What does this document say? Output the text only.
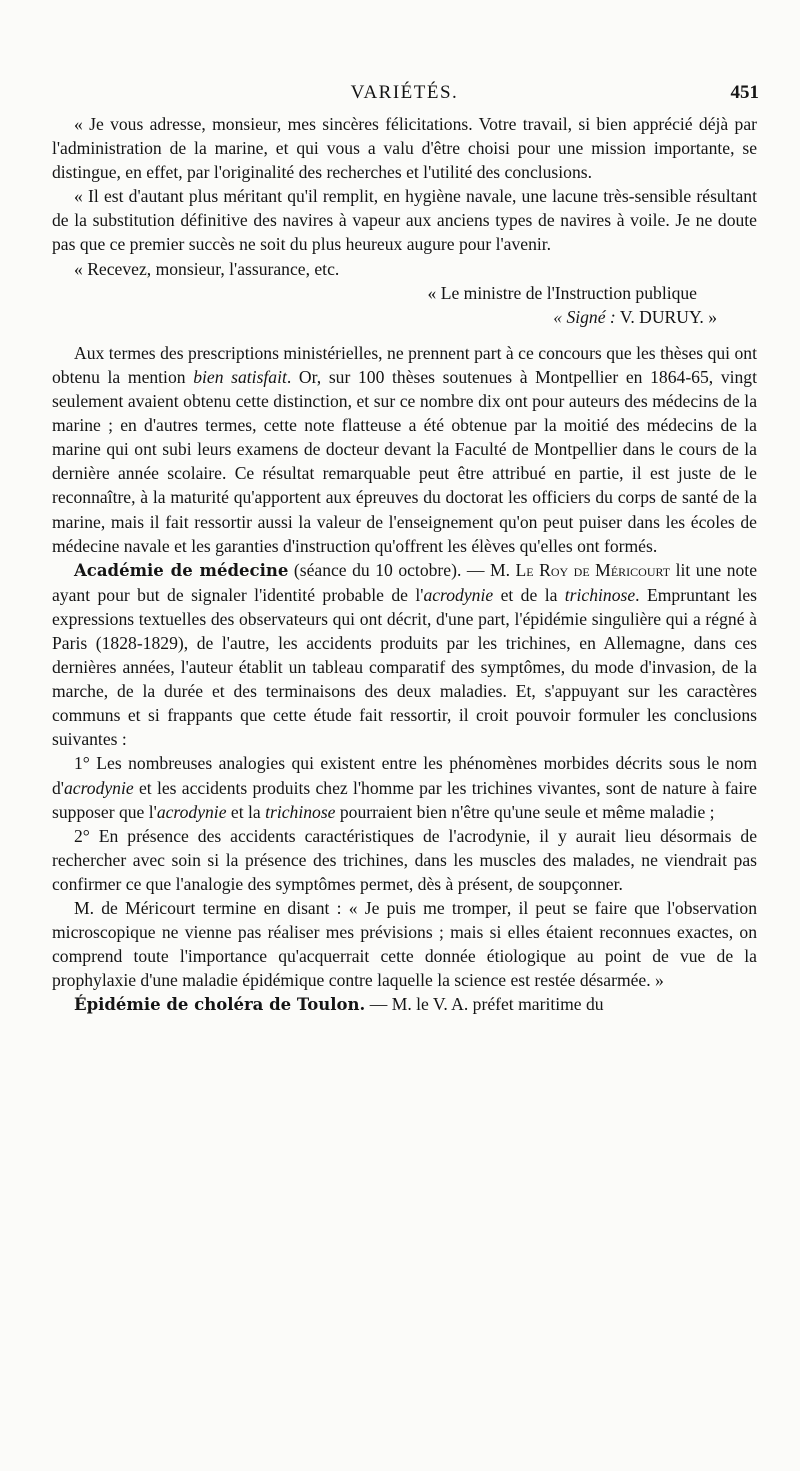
VARIÉTÉS.	451

« Je vous adresse, monsieur, mes sincères félicitations. Votre travail, si bien apprécié déjà par l'administration de la marine, et qui vous a valu d'être choisi pour une mission importante, se distingue, en effet, par l'originalité des recherches et l'utilité des conclusions.

« Il est d'autant plus méritant qu'il remplit, en hygiène navale, une lacune très-sensible résultant de la substitution définitive des navires à vapeur aux anciens types de navires à voile. Je ne doute pas que ce premier succès ne soit du plus heureux augure pour l'avenir.

« Recevez, monsieur, l'assurance, etc.

« Le ministre de l'Instruction publique

« Signé : V. DURUY. »

Aux termes des prescriptions ministérielles, ne prennent part à ce concours que les thèses qui ont obtenu la mention bien satisfait. Or, sur 100 thèses soutenues à Montpellier en 1864-65, vingt seulement avaient obtenu cette distinction, et sur ce nombre dix ont pour auteurs des médecins de la marine ; en d'autres termes, cette note flatteuse a été obtenue par la moitié des médecins de la marine qui ont subi leurs examens de docteur devant la Faculté de Montpellier dans le cours de la dernière année scolaire. Ce résultat remarquable peut être attribué en partie, il est juste de le reconnaître, à la maturité qu'apportent aux épreuves du doctorat les officiers du corps de santé de la marine, mais il fait ressortir aussi la valeur de l'enseignement qu'on peut puiser dans les écoles de médecine navale et les garanties d'instruction qu'offrent les élèves qu'elles ont formés.

Académie de médecine (séance du 10 octobre). — M. Le Roy de Méricourt lit une note ayant pour but de signaler l'identité probable de l'acrodynie et de la trichinose. Empruntant les expressions textuelles des observateurs qui ont décrit, d'une part, l'épidémie singulière qui a régné à Paris (1828-1829), de l'autre, les accidents produits par les trichines, en Allemagne, dans ces dernières années, l'auteur établit un tableau comparatif des symptômes, du mode d'invasion, de la marche, de la durée et des terminaisons des deux maladies. Et, s'appuyant sur les caractères communs et si frappants que cette étude fait ressortir, il croit pouvoir formuler les conclusions suivantes :

1° Les nombreuses analogies qui existent entre les phénomènes morbides décrits sous le nom d'acrodynie et les accidents produits chez l'homme par les trichines vivantes, sont de nature à faire supposer que l'acrodynie et la trichinose pourraient bien n'être qu'une seule et même maladie ;

2° En présence des accidents caractéristiques de l'acrodynie, il y aurait lieu désormais de rechercher avec soin si la présence des trichines, dans les muscles des malades, ne viendrait pas confirmer ce que l'analogie des symptômes permet, dès à présent, de soupçonner.

M. de Méricourt termine en disant : « Je puis me tromper, il peut se faire que l'observation microscopique ne vienne pas réaliser mes prévisions ; mais si elles étaient reconnues exactes, on comprend toute l'importance qu'acquerrait cette donnée étiologique au point de vue de la prophylaxie d'une maladie épidémique contre laquelle la science est restée désarmée. »

Épidémie de choléra de Toulon. — M. le V. A. préfet maritime du
